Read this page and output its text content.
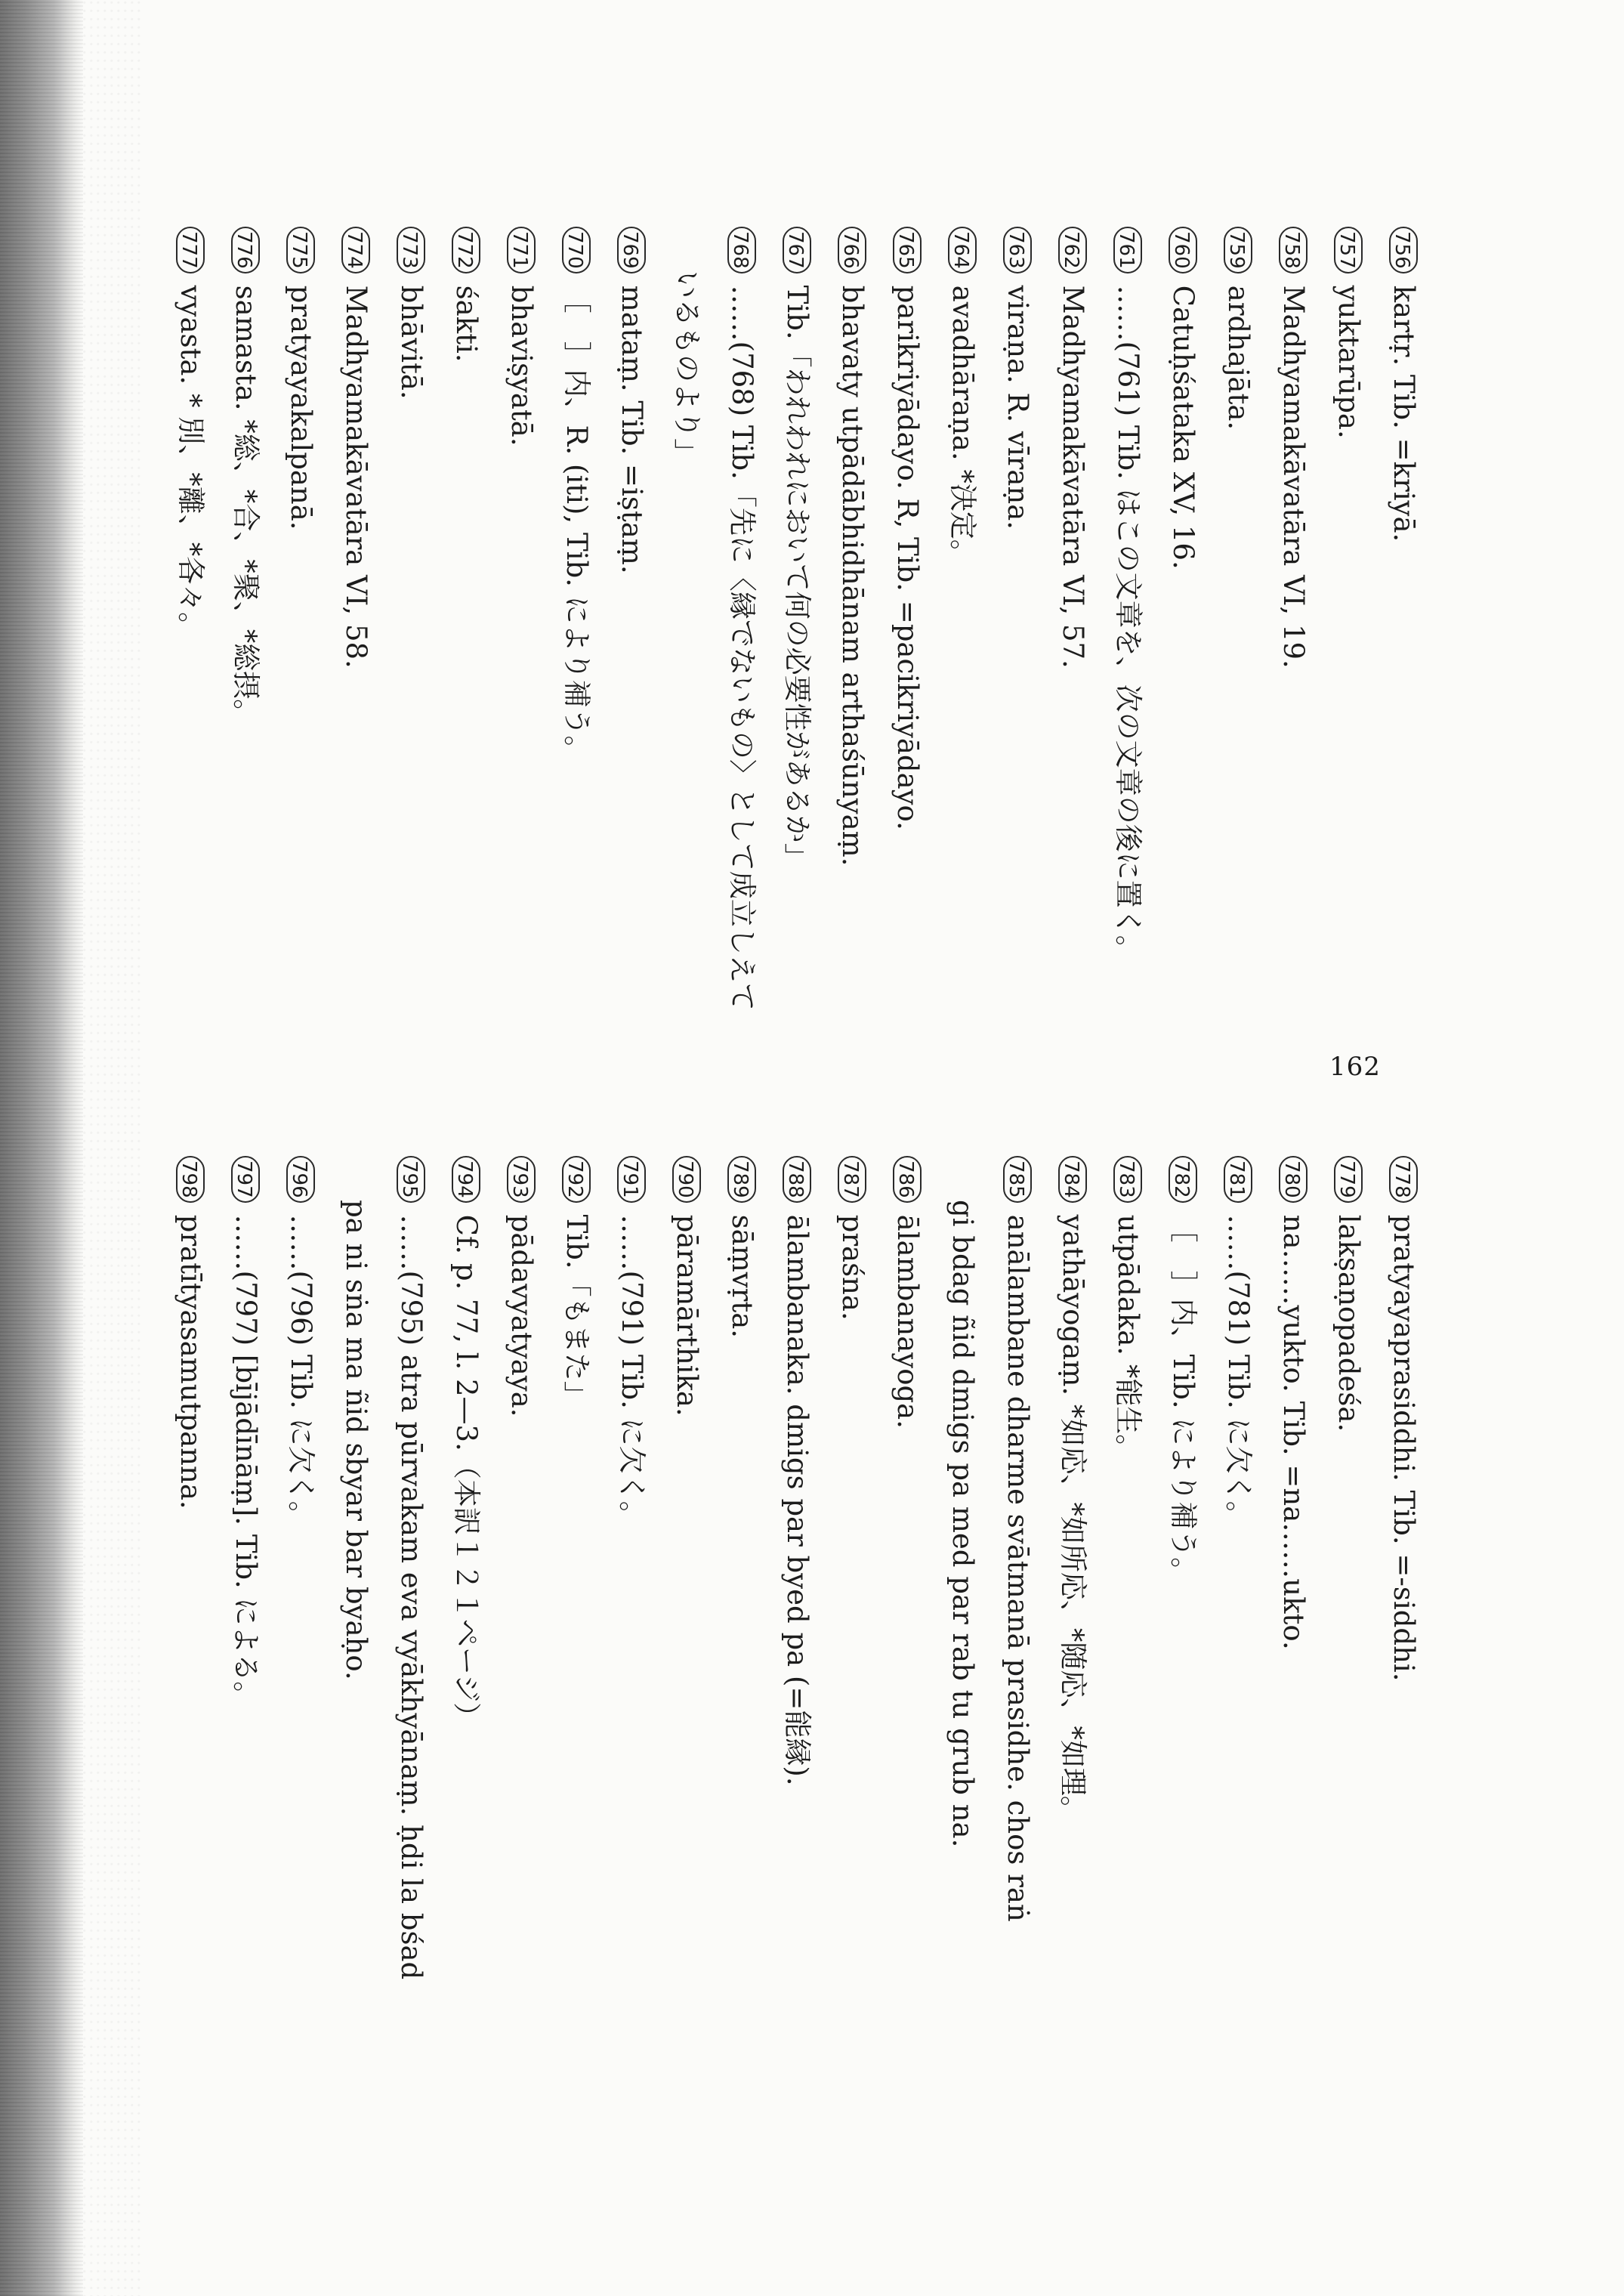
162
756
kartṛ. Tib. =kriyā.
757
yuktarūpa.
758
Madhyamakāvatāra VI, 19.
759
ardhajāta.
760
Catuḥśataka XV, 16.
761
……(761) Tib. はこの文章を、次の文章の後に置く。
762
Madhyamakāvatāra VI, 57.
763
viraṇa. R. vīraṇa.
764
avadhāraṇa. *決定。
765
parikriyādayo. R, Tib. =pacikriyādayo.
766
bhavaty utpādābhidhānam arthaśūnyaṃ.
767
Tib.「われわれにおいて何の必要性があるか」
768
……(768) Tib.「先に〈縁でないもの〉として成立しえて
いるものより」
769
mataṃ. Tib. =iṣṭaṃ.
770
［　］内、R. (iti), Tib. により補う。
771
bhaviṣyatā.
772
śakti.
773
bhāvitā.
774
Madhyamakāvatāra VI, 58.
775
pratyayakalpanā.
776
samasta. *総、*合、*聚、*総摂。
777
vyasta. * 別、*離、*各々。
778
pratyayaprasiddhi. Tib. =-siddhi.
779
lakṣaṇopadeśa.
780
na……yukto. Tib. =na……ukto.
781
……(781) Tib. に欠く。
782
［　］内、Tib. により補う。
783
utpādaka. *能生。
784
yathāyogaṃ. *如応、*如所応、*随応、*如理。
785
anālambane dharme svātmanā prasidhe. chos raṅ
gi bdag ñid dmigs pa med par rab tu grub na.
786
ālambanayoga.
787
praśna.
788
ālambanaka. dmigs par byed pa (=能縁).
789
sāṃvṛta.
790
pāramārthika.
791
……(791) Tib. に欠く。
792
Tib.「もまた」
793
pādavyatyaya.
794
Cf. p. 77, l. 2—3.（本訳１２１ページ）
795
……(795) atra pūrvakam eva vyākhyānaṃ. ḥdi la bśad
pa ni sṅa ma ñid sbyar bar byaḥo.
796
……(796) Tib. に欠く。
797
……(797) [bījādīnāṃ]. Tib. による。
798
pratītyasamutpanna.
